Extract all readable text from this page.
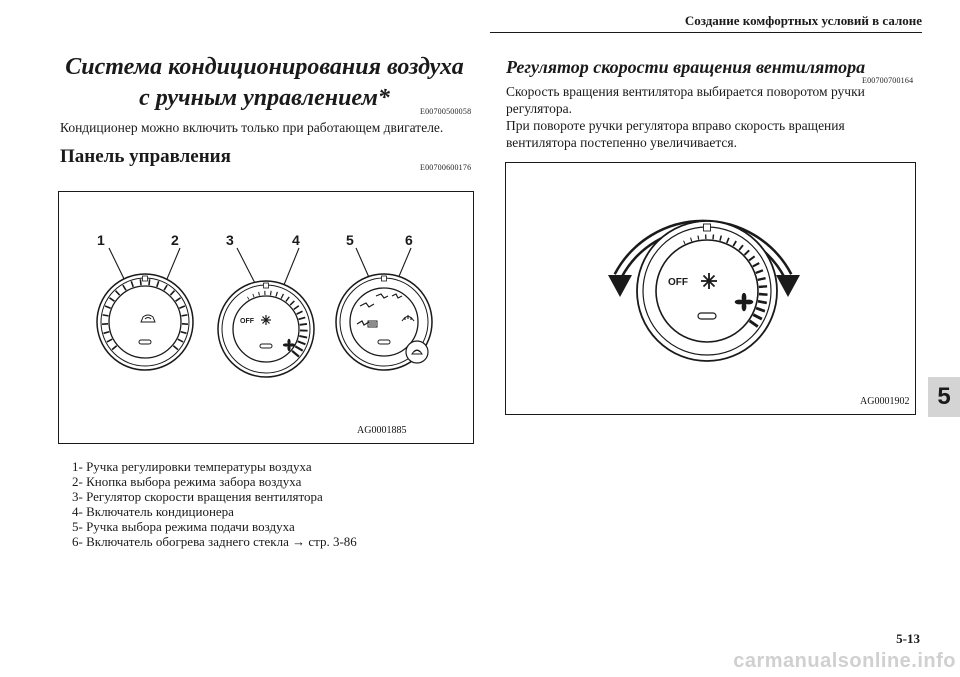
Создание комфортных условий в салоне
Система кондиционирования воздуха
с ручным управлением*
E00700500058
Кондиционер можно включить только при работающем двигателе.
Панель управления
E00700600176
1	2	3	4	5	6
OFF
AG0001885
1- Ручка регулировки температуры воздуха
2- Кнопка выбора режима забора воздуха
3- Регулятор скорости вращения вентилятора
4- Включатель кондиционера
5- Ручка выбора режима подачи воздуха
6- Включатель обогрева заднего стекла → стр. 3-86
Регулятор скорости вращения вентилятора
E00700700164
Скорость вращения вентилятора выбирается поворотом ручки регулятора.
При повороте ручки регулятора вправо скорость вращения вентилятора постепенно увеличивается.
OFF
AG0001902	5
5-13
carmanualsonline.info
